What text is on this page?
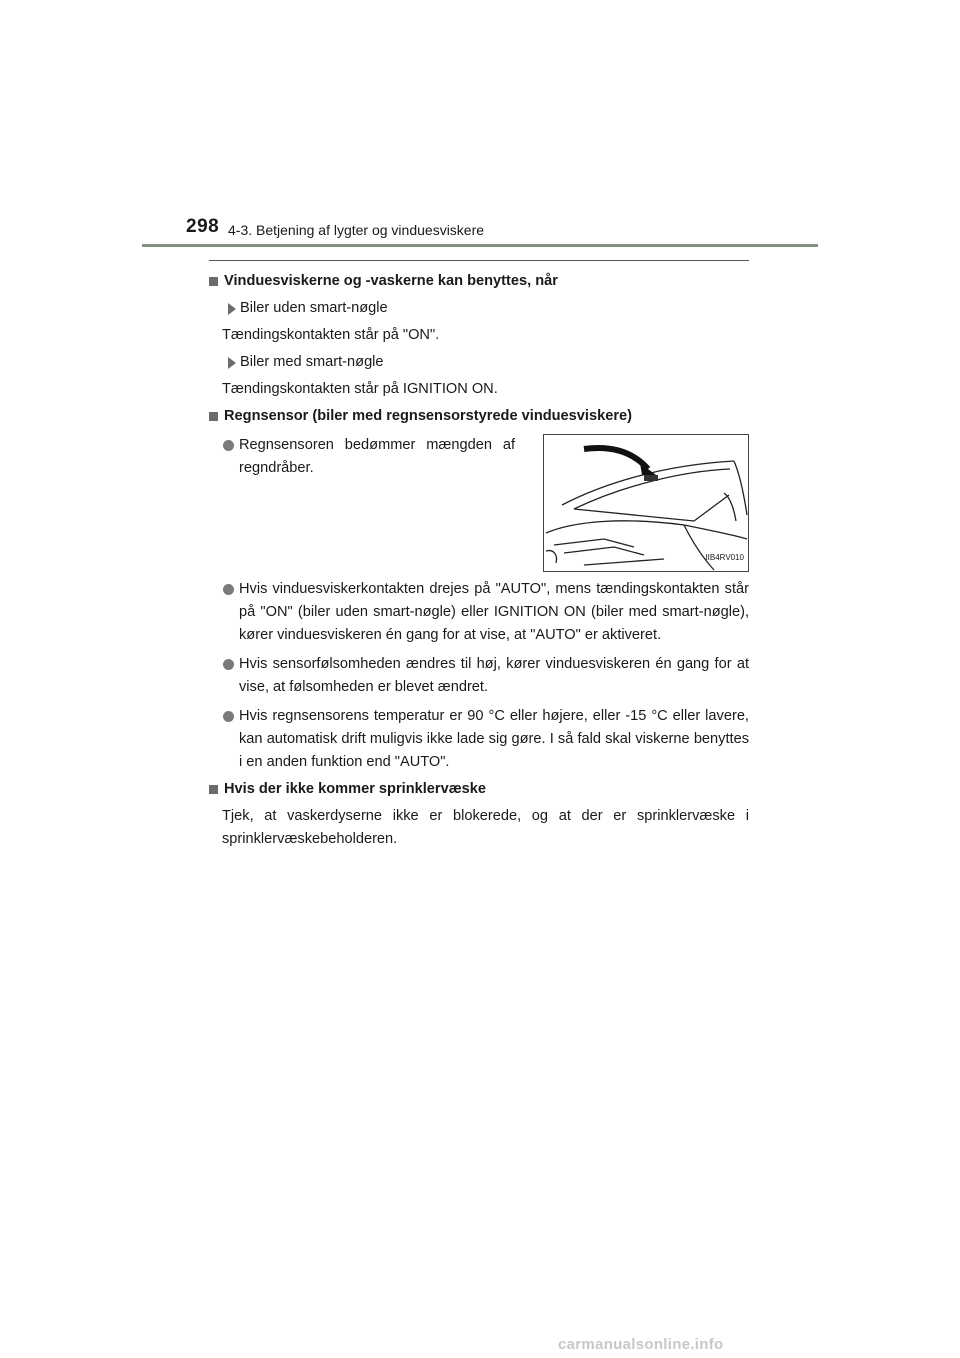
298 4-3. Betjening af lygter og vinduesviskere
Vinduesviskerne og -vaskerne kan benyttes, når
Biler uden smart-nøgle
Tændingskontakten står på "ON".
Biler med smart-nøgle
Tændingskontakten står på IGNITION ON.
Regnsensor (biler med regnsensorstyrede vinduesviskere)
Regnsensoren bedømmer mængden af regndråber.
IIB4RV010
Hvis vinduesviskerkontakten drejes på "AUTO", mens tændingskontakten står på "ON" (biler uden smart-nøgle) eller IGNITION ON (biler med smart-nøgle), kører vinduesviskeren én gang for at vise, at "AUTO" er aktiveret.
Hvis sensorfølsomheden ændres til høj, kører vinduesviskeren én gang for at vise, at følsomheden er blevet ændret.
Hvis regnsensorens temperatur er 90 °C eller højere, eller -15 °C eller lavere, kan automatisk drift muligvis ikke lade sig gøre. I så fald skal viskerne benyttes i en anden funktion end "AUTO".
Hvis der ikke kommer sprinklervæske
Tjek, at vaskerdyserne ikke er blokerede, og at der er sprinklervæske i sprinklervæskebeholderen.
carmanualsonline.info
